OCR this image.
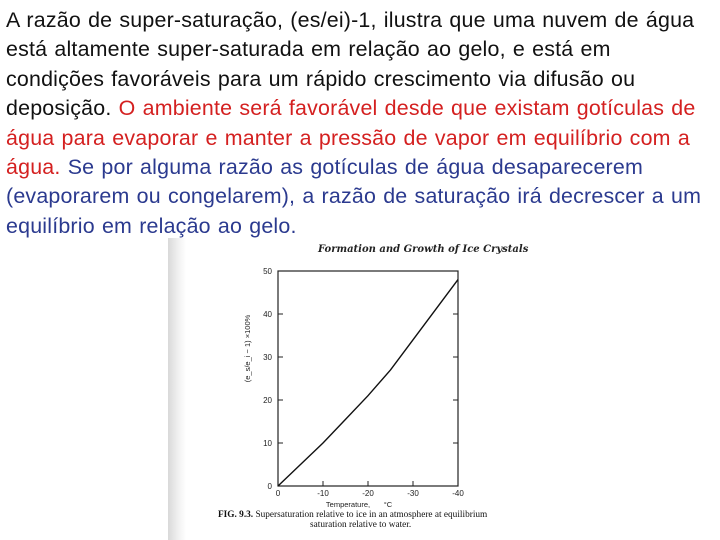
A razão de super-saturação, (es/ei)-1, ilustra que uma nuvem de água está altamente super-saturada em relação ao gelo, e está em condições favoráveis para um rápido crescimento via difusão ou deposição. O ambiente será favorável desde que existam gotículas de água para evaporar e manter a pressão de vapor em equilíbrio com a água. Se por alguma razão as gotículas de água desaparecerem (evaporarem ou congelarem), a razão de saturação irá decrescer a um equilíbrio em relação ao gelo.
Formation and Growth of Ice Crystals
0
10
20
30
40
50
0	-10	-20	-30	-40
Temperature, °C
(e_s/e_i − 1) ×100%
FIG. 9.3. Supersaturation relative to ice in an atmosphere at equilibrium
saturation relative to water.
